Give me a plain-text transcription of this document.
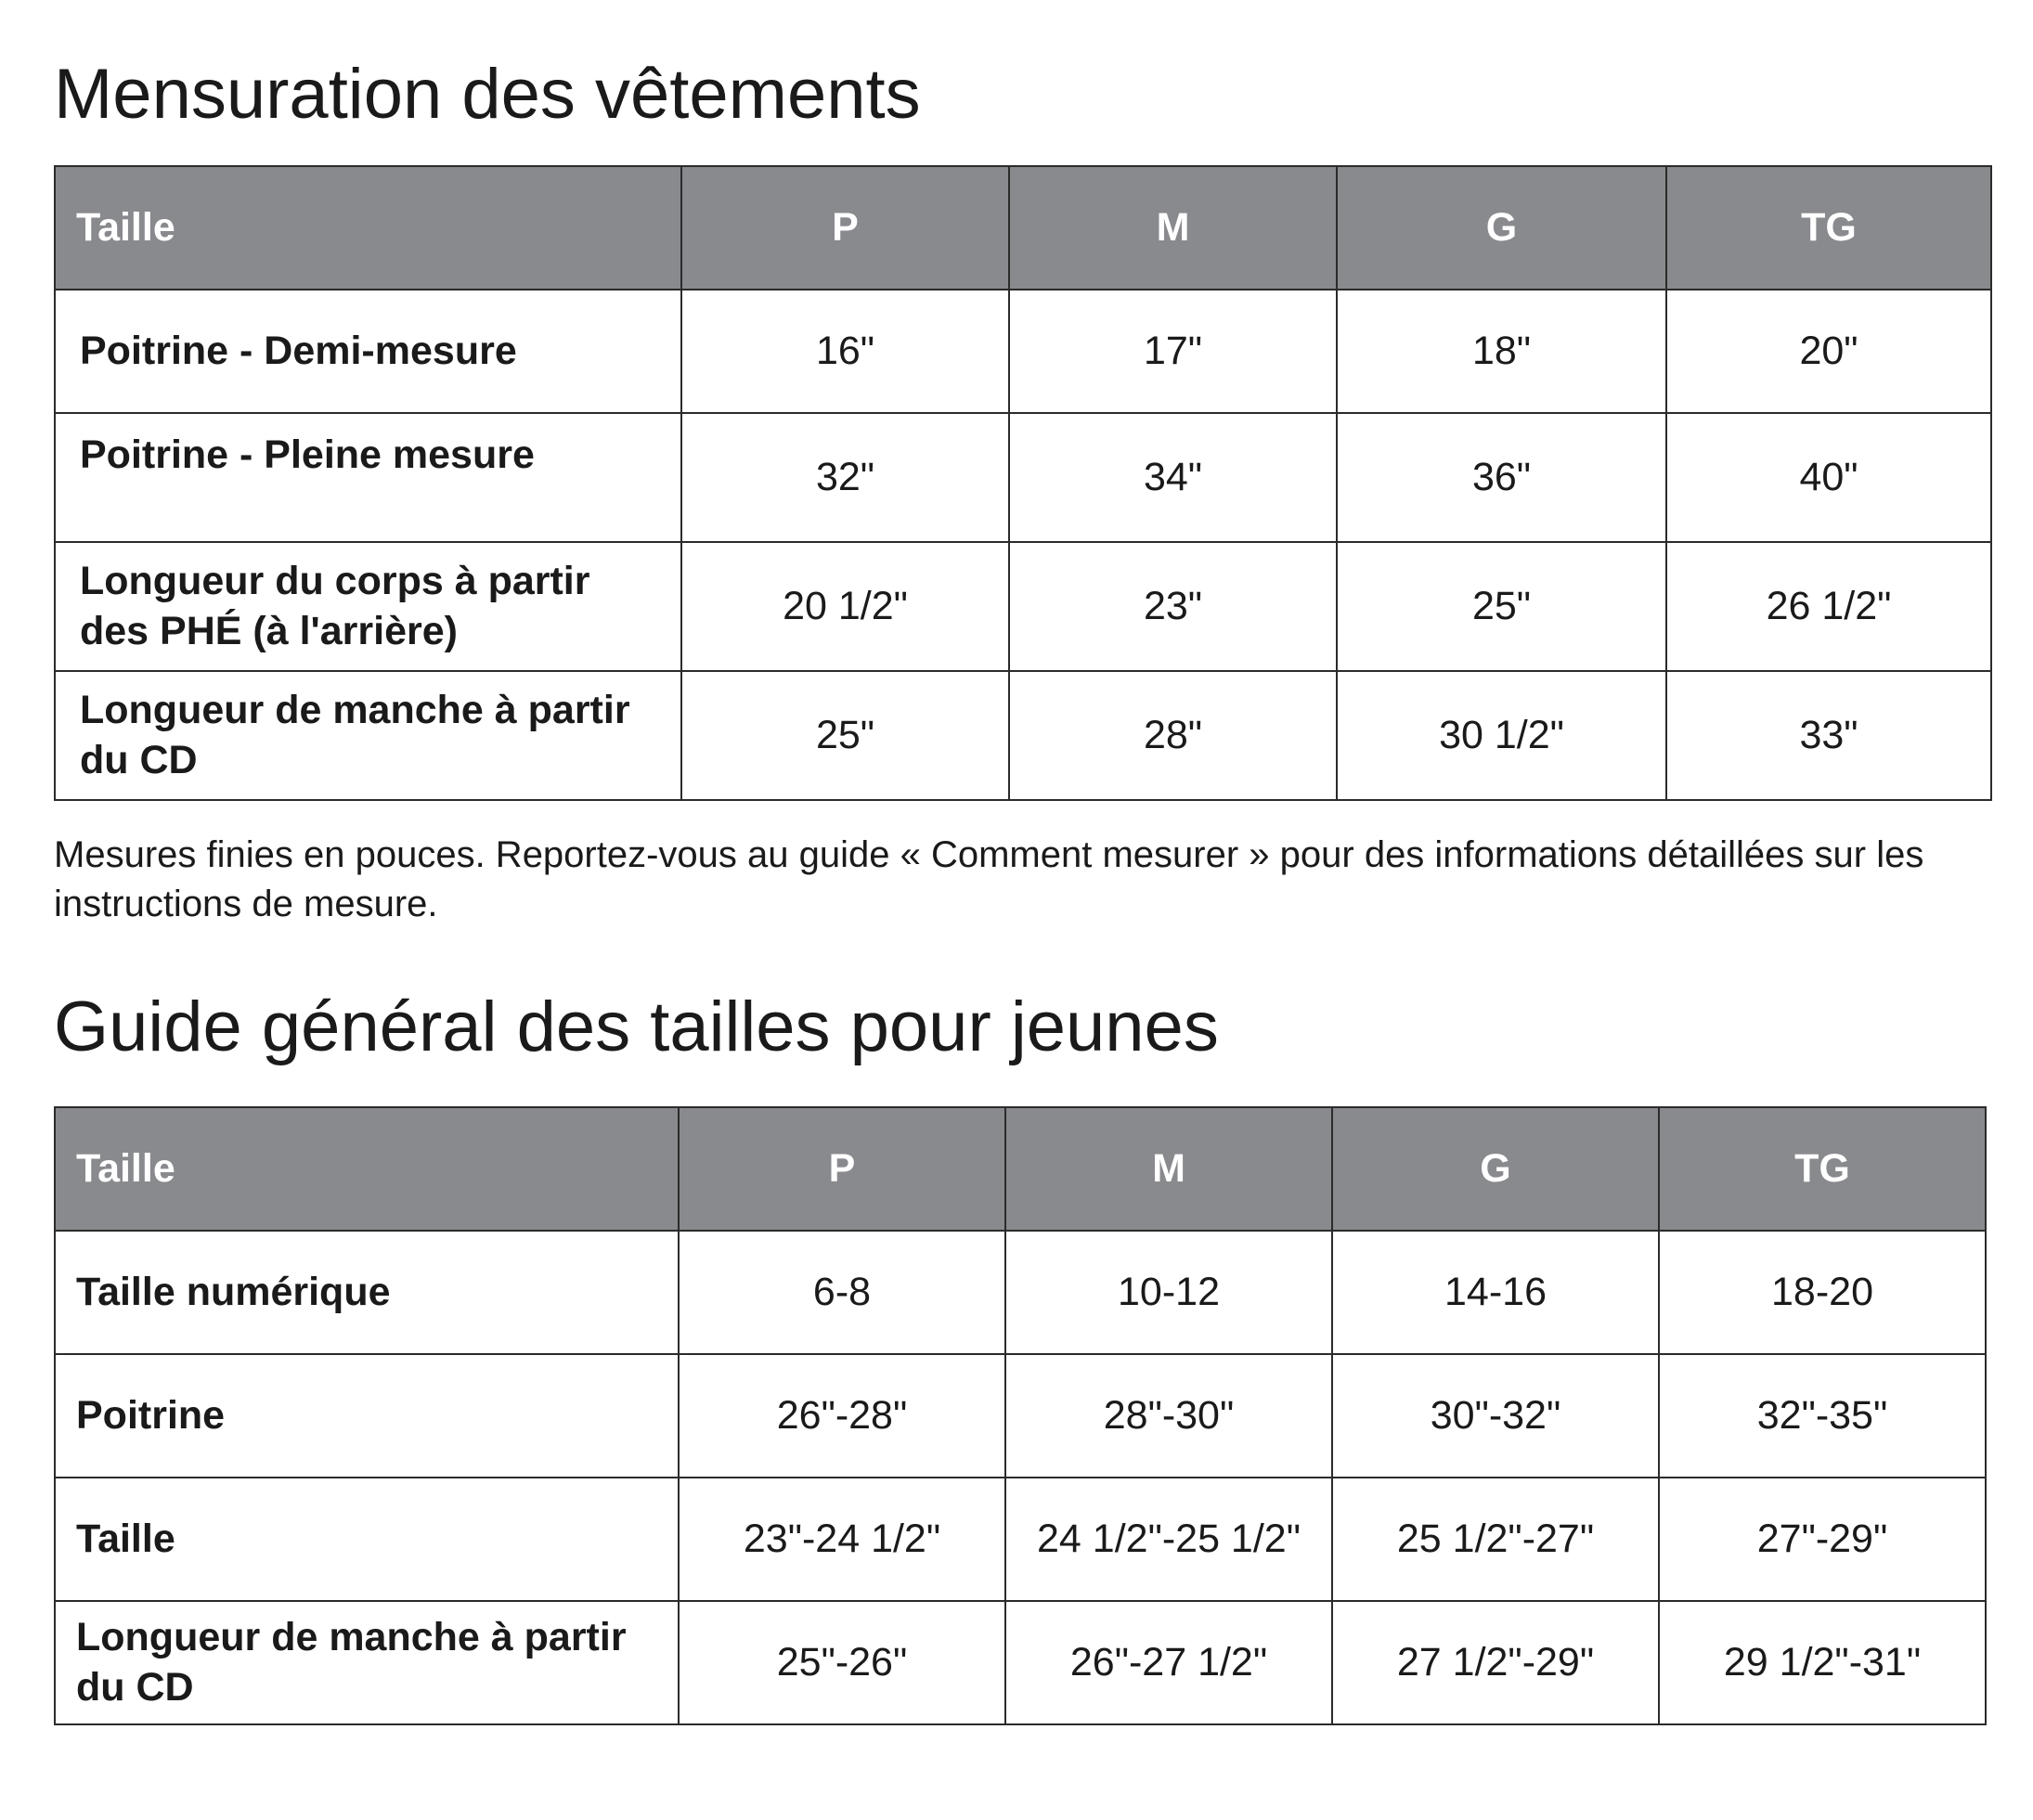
Mensuration des vêtements
Taille	P	M	G	TG
Poitrine - Demi-mesure	16"	17"	18"	20"
Poitrine - Pleine mesure	32"	34"	36"	40"
Longueur du corps à partir des PHÉ (à l'arrière)	20 1/2"	23"	25"	26 1/2"
Longueur de manche à partir du CD	25"	28"	30 1/2"	33"

Mesures finies en pouces. Reportez-vous au guide « Comment mesurer » pour des informations détaillées sur les instructions de mesure.

Guide général des tailles pour jeunes
Taille	P	M	G	TG
Taille numérique	6-8	10-12	14-16	18-20
Poitrine	26"-28"	28"-30"	30"-32"	32"-35"
Taille	23"-24 1/2"	24 1/2"-25 1/2"	25 1/2"-27"	27"-29"
Longueur de manche à partir du CD	25"-26"	26"-27 1/2"	27 1/2"-29"	29 1/2"-31"
